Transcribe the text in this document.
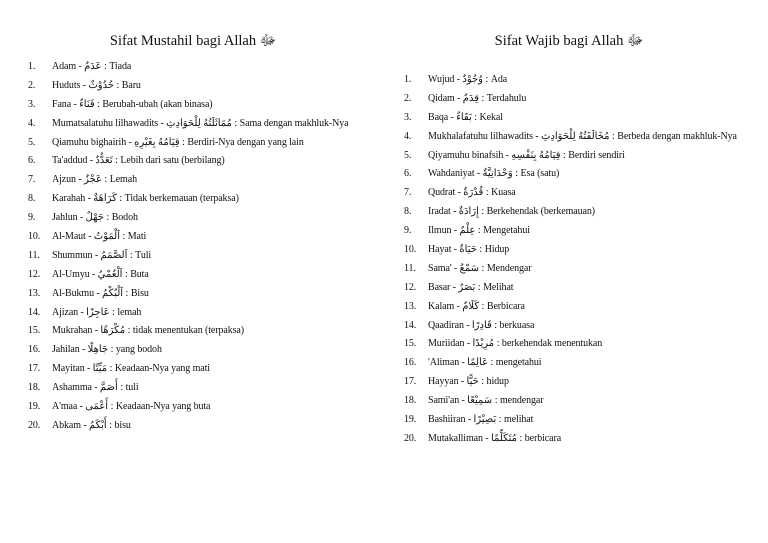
Sifat Mustahil bagi Allah ﷻ
1. Adam - عَدَمٌ : Tiada
2. Huduts - حُدُوْثٌ : Baru
3. Fana - فَنَاءٌ : Berubah-ubah (akan binasa)
4. Mumatsalatuhu lilhawadits - مُمَاثَلَتُهُ لِلْحَوَادِثِ : Sama dengan makhluk-Nya
5. Qiamuhu bighairih - قِيَامُهُ بِغَيْرِهِ : Berdiri-Nya dengan yang lain
6. Ta'addud - تَعَدُّدٌ : Lebih dari satu (berbilang)
7. Ajzun - عَجْزٌ : Lemah
8. Karahah - كَرَاهَةٌ : Tidak berkemauan (terpaksa)
9. Jahlun - جَهْلٌ : Bodoh
10. Al-Maut - اَلْمَوْتُ : Mati
11. Shummun - اَلصَّمَمُ : Tuli
12. Al-Umyu - اَلْعُمْيُ : Buta
13. Al-Bukmu - اَلْبُكْمُ : Bisu
14. Ajizan - عَاجِزًا : lemah
15. Mukrahan - مُكْرَهًا : tidak menentukan (terpaksa)
16. Jahilan - جَاهِلًا : yang bodoh
17. Mayitan - مَيِّتًا : Keadaan-Nya yang mati
18. Ashamma - أَصَمَّ : tuli
19. A'maa - أَعْمَى : Keadaan-Nya yang buta
20. Abkam - أَبْكَمُ : bisu
Sifat Wajib bagi Allah ﷻ
1. Wujud - وُجُوْدٌ : Ada
2. Qidam - قِدَمٌ : Terdahulu
3. Baqa - بَقَاءٌ : Kekal
4. Mukhalafatuhu lilhawadits - مُخَالَفَتُهُ لِلْحَوَادِثِ : Berbeda dengan makhluk-Nya
5. Qiyamuhu binafsih - قِيَامُهُ بِنَفْسِهِ : Berdiri sendiri
6. Wahdaniyat - وَحْدَانِيَّةٌ : Esa (satu)
7. Qudrat - قُدْرَةٌ : Kuasa
8. Iradat - إِرَادَةٌ : Berkehendak (berkemauan)
9. Ilmun - عِلْمٌ : Mengetahui
10. Hayat - حَيَاةٌ : Hidup
11. Sama' - سَمْعٌ : Mendengar
12. Basar - بَصَرٌ : Melihat
13. Kalam - كَلَامٌ : Berbicara
14. Qaadiran - قَادِرًا : berkuasa
15. Muriidan - مُرِيْدًا : berkehendak menentukan
16. 'Aliman - عَالِمًا : mengetahui
17. Hayyan - حَيًّا : hidup
18. Sami'an - سَمِيْعًا : mendengar
19. Bashiiran - بَصِيْرًا : melihat
20. Mutakalliman - مُتَكَلِّمًا : berbicara
